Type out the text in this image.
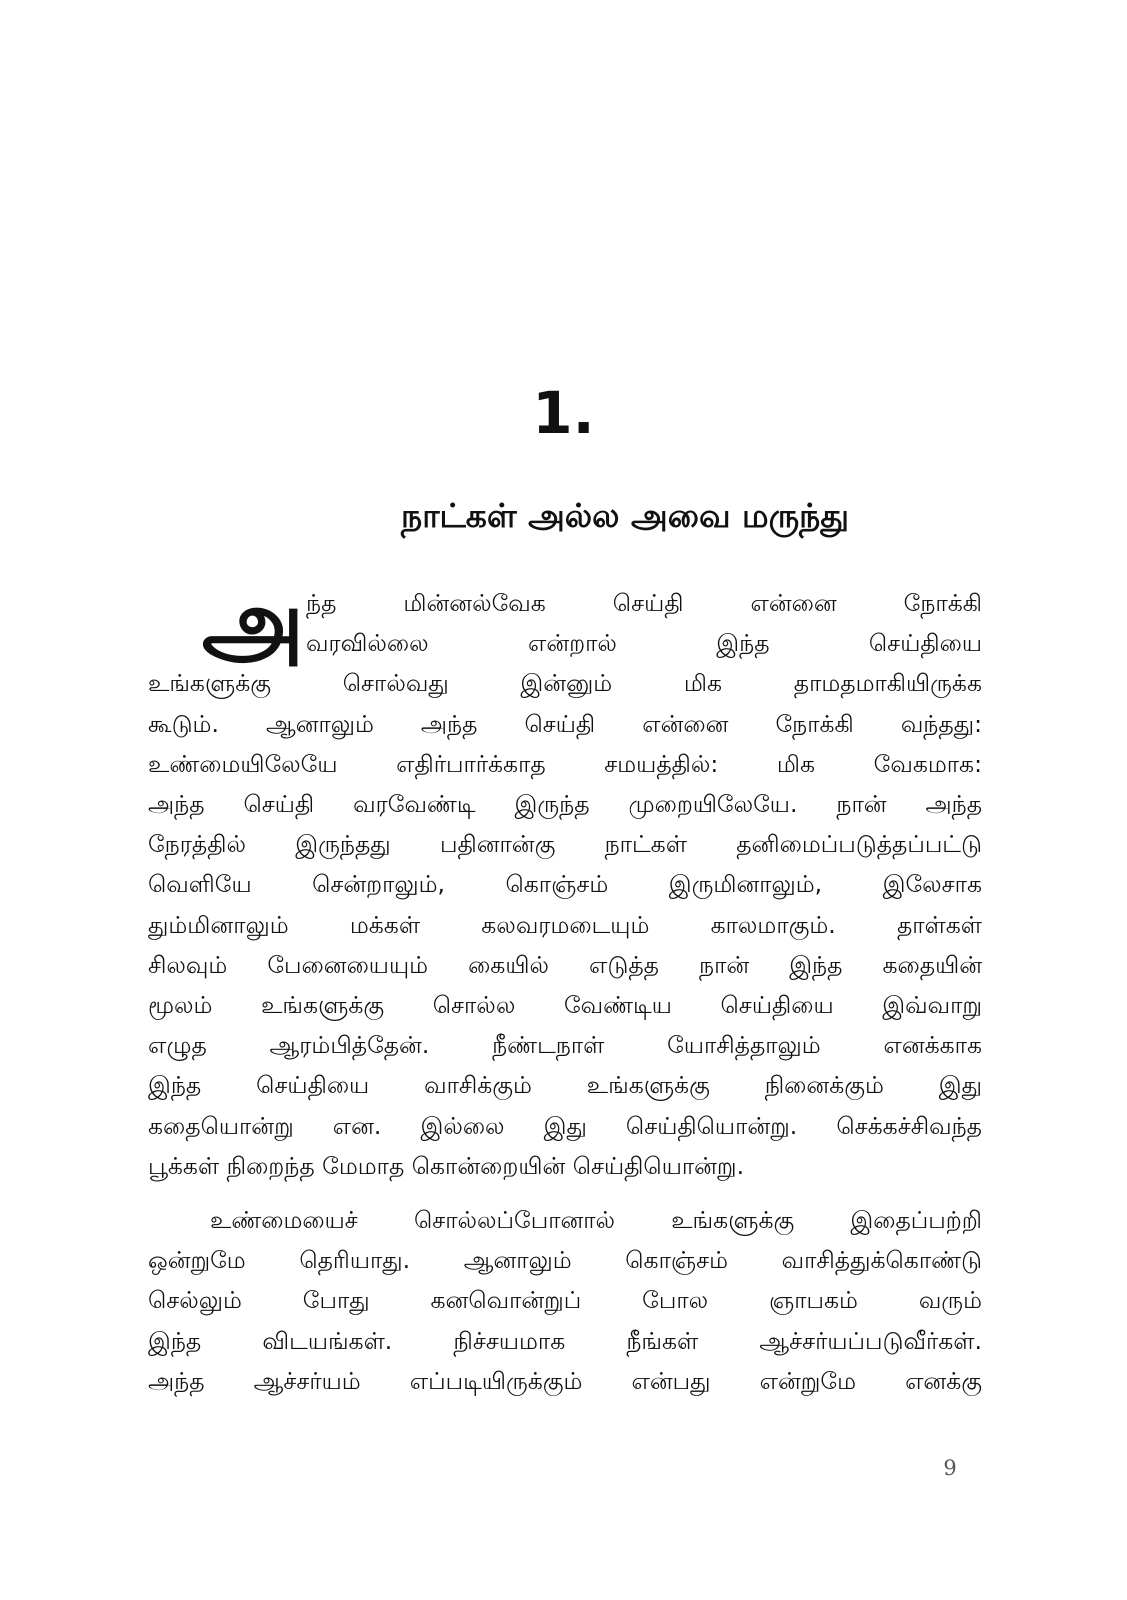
1.
நாட்கள் அல்ல அவை மருந்து
அ ந்த மின்னல்வேக செய்தி என்னை நோக்கி
வரவில்லை என்றால் இந்த செய்தியை
உங்களுக்கு சொல்வது இன்னும் மிக தாமதமாகியிருக்க
கூடும். ஆனாலும் அந்த செய்தி என்னை நோக்கி வந்தது:
உண்மையிலேயே எதிர்பார்க்காத சமயத்தில்: மிக வேகமாக:
அந்த செய்தி வரவேண்டி இருந்த முறையிலேயே. நான் அந்த
நேரத்தில் இருந்தது பதினான்கு நாட்கள் தனிமைப்படுத்தப்பட்டு
வெளியே சென்றாலும், கொஞ்சம் இருமினாலும், இலேசாக
தும்மினாலும் மக்கள் கலவரமடையும் காலமாகும். தாள்கள்
சிலவும் பேனையையும் கையில் எடுத்த நான் இந்த கதையின்
மூலம் உங்களுக்கு சொல்ல வேண்டிய செய்தியை இவ்வாறு
எழுத ஆரம்பித்தேன். நீண்டநாள் யோசித்தாலும் எனக்காக
இந்த செய்தியை வாசிக்கும் உங்களுக்கு நினைக்கும் இது
கதையொன்று என. இல்லை இது செய்தியொன்று. செக்கச்சிவந்த
பூக்கள் நிறைந்த மேமாத கொன்றையின் செய்தியொன்று.
உண்மையைச் சொல்லப்போனால் உங்களுக்கு இதைப்பற்றி
ஒன்றுமே தெரியாது. ஆனாலும் கொஞ்சம் வாசித்துக்கொண்டு
செல்லும் போது கனவொன்றுப் போல ஞாபகம் வரும்
இந்த விடயங்கள். நிச்சயமாக நீங்கள் ஆச்சர்யப்படுவீர்கள்.
அந்த ஆச்சர்யம் எப்படியிருக்கும் என்பது என்றுமே எனக்கு
9
